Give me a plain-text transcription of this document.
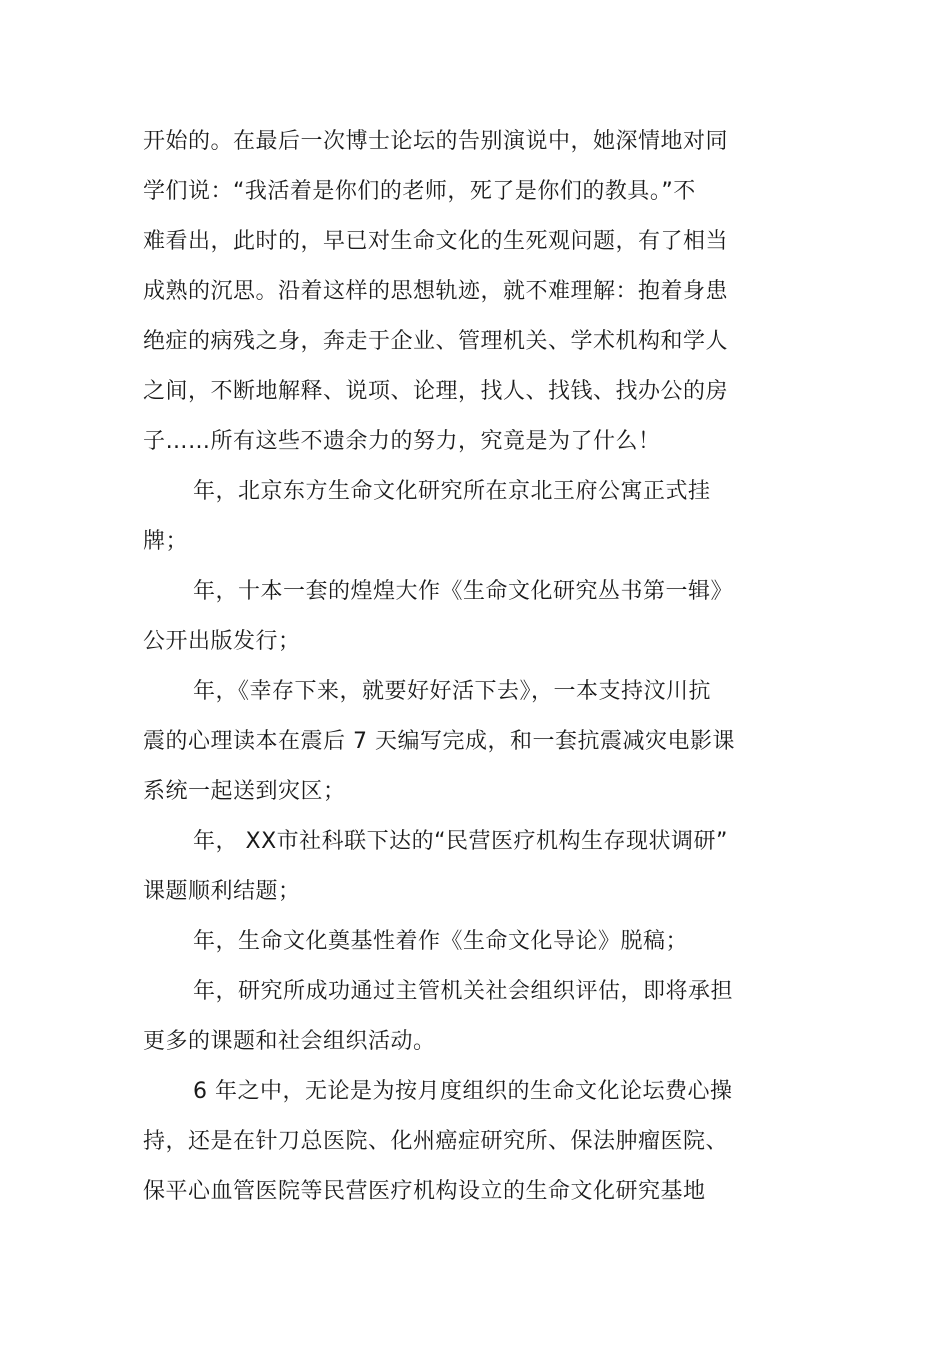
开始的。在最后一次博士论坛的告别演说中，她深情地对同
学们说：“我活着是你们的老师，死了是你们的教具。”不
难看出，此时的，早已对生命文化的生死观问题，有了相当
成熟的沉思。沿着这样的思想轨迹，就不难理解：抱着身患
绝症的病残之身，奔走于企业、管理机关、学术机构和学人
之间，不断地解释、说项、论理，找人、找钱、找办公的房
子……所有这些不遗余力的努力，究竟是为了什么！
年，北京东方生命文化研究所在京北王府公寓正式挂
牌；
年，十本一套的煌煌大作《生命文化研究丛书第一辑》
公开出版发行；
年，《幸存下来，就要好好活下去》，一本支持汶川抗
震的心理读本在震后 7 天编写完成，和一套抗震减灾电影课
系统一起送到灾区；
年， XX市社科联下达的“民营医疗机构生存现状调研”
课题顺利结题；
年，生命文化奠基性着作《生命文化导论》脱稿；
年，研究所成功通过主管机关社会组织评估，即将承担
更多的课题和社会组织活动。
6 年之中，无论是为按月度组织的生命文化论坛费心操
持，还是在针刀总医院、化州癌症研究所、保法肿瘤医院、
保平心血管医院等民营医疗机构设立的生命文化研究基地
